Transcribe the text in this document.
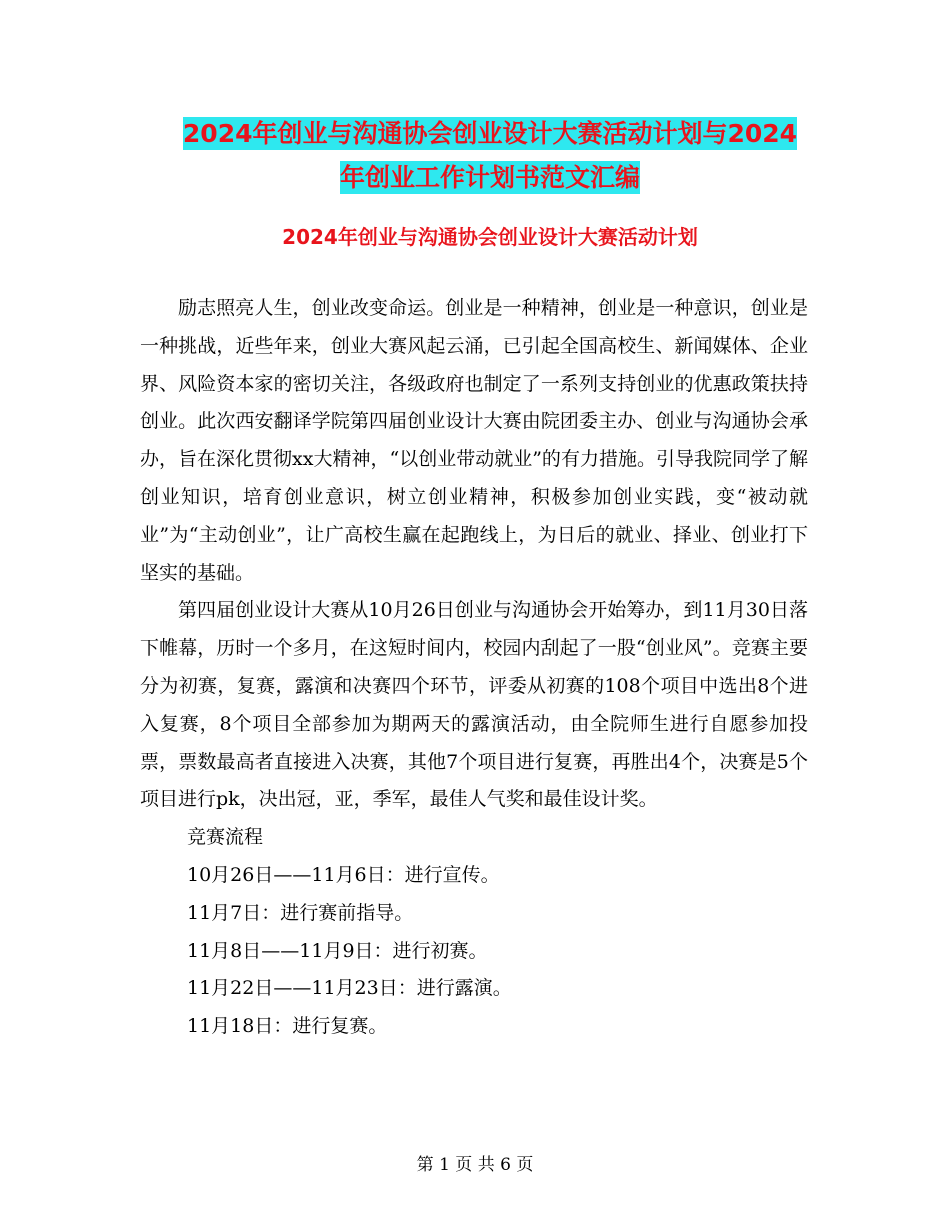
2024年创业与沟通协会创业设计大赛活动计划与2024
年创业工作计划书范文汇编
2024年创业与沟通协会创业设计大赛活动计划

励志照亮人生，创业改变命运。创业是一种精神，创业是一种意识，创业是一种挑战，近些年来，创业大赛风起云涌，已引起全国高校生、新闻媒体、企业界、风险资本家的密切关注，各级政府也制定了一系列支持创业的优惠政策扶持创业。此次西安翻译学院第四届创业设计大赛由院团委主办、创业与沟通协会承办，旨在深化贯彻xx大精神，“以创业带动就业”的有力措施。引导我院同学了解创业知识，培育创业意识，树立创业精神，积极参加创业实践，变“被动就业”为“主动创业”，让广高校生赢在起跑线上，为日后的就业、择业、创业打下坚实的基础。

第四届创业设计大赛从10月26日创业与沟通协会开始筹办，到11月30日落下帷幕，历时一个多月，在这短时间内，校园内刮起了一股“创业风”。竞赛主要分为初赛，复赛，露演和决赛四个环节，评委从初赛的108个项目中选出8个进入复赛，8个项目全部参加为期两天的露演活动，由全院师生进行自愿参加投票，票数最高者直接进入决赛，其他7个项目进行复赛，再胜出4个，决赛是5个项目进行pk，决出冠，亚，季军，最佳人气奖和最佳设计奖。

竞赛流程
10月26日——11月6日：进行宣传。
11月7日：进行赛前指导。
11月8日——11月9日：进行初赛。
11月22日——11月23日：进行露演。
11月18日：进行复赛。
第 1 页 共 6 页
